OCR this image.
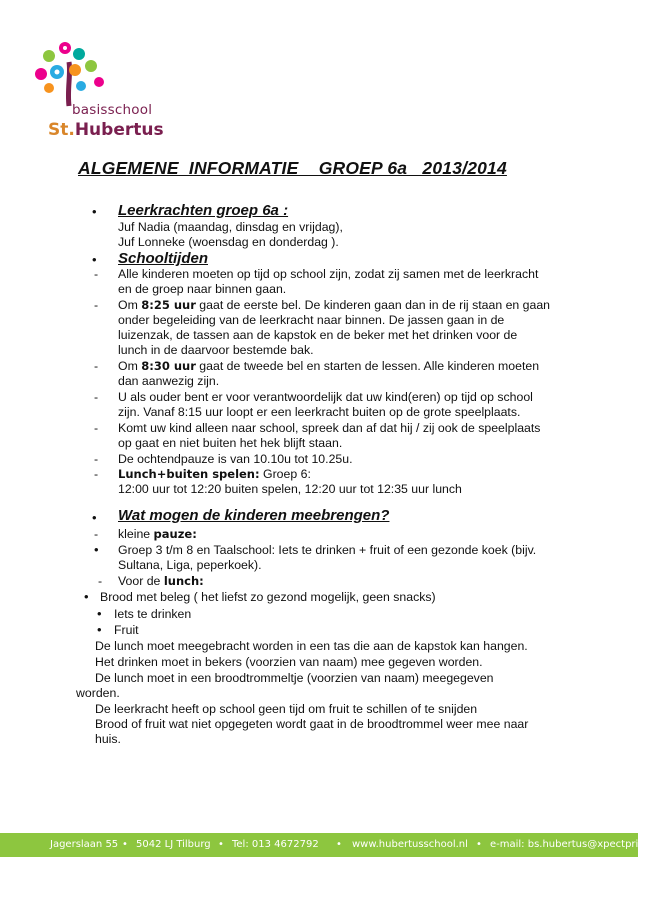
basisschool
St.Hubertus
ALGEMENE  INFORMATIE    GROEP 6a   2013/2014
• Leerkrachten groep 6a :
Juf Nadia (maandag, dinsdag en vrijdag),
Juf Lonneke (woensdag en donderdag ).
• Schooltijden
- Alle kinderen moeten op tijd op school zijn, zodat zij samen met de leerkracht
en de groep naar binnen gaan.
- Om 8:25 uur gaat de eerste bel. De kinderen gaan dan in de rij staan en gaan
onder begeleiding van de leerkracht naar binnen. De jassen gaan in de
luizenzak, de tassen aan de kapstok en de beker met het drinken voor de
lunch in de daarvoor bestemde bak.
- Om 8:30 uur gaat de tweede bel en starten de lessen. Alle kinderen moeten
dan aanwezig zijn.
- U als ouder bent er voor verantwoordelijk dat uw kind(eren) op tijd op school
zijn. Vanaf 8:15 uur loopt er een leerkracht buiten op de grote speelplaats.
- Komt uw kind alleen naar school, spreek dan af dat hij / zij ook de speelplaats
op gaat en niet buiten het hek blijft staan.
- De ochtendpauze is van 10.10u tot 10.25u.
- Lunch+buiten spelen: Groep 6:
12:00 uur tot 12:20 buiten spelen, 12:20 uur tot 12:35 uur lunch
• Wat mogen de kinderen meebrengen?
- kleine pauze:
• Groep 3 t/m 8 en Taalschool: Iets te drinken + fruit of een gezonde koek (bijv.
Sultana, Liga, peperkoek).
- Voor de lunch:
• Brood met beleg ( het liefst zo gezond mogelijk, geen snacks)
• Iets te drinken
• Fruit
De lunch moet meegebracht worden in een tas die aan de kapstok kan hangen.
Het drinken moet in bekers (voorzien van naam) mee gegeven worden.
De lunch moet in een broodtrommeltje (voorzien van naam) meegegeven
worden.
De leerkracht heeft op school geen tijd om fruit te schillen of te snijden
Brood of fruit wat niet opgegeten wordt gaat in de broodtrommel weer mee naar
huis.
Jagerslaan 55 • 5042 LJ Tilburg • Tel: 013 4672792 • www.hubertusschool.nl • e-mail: bs.hubertus@xpectprimair.nl
